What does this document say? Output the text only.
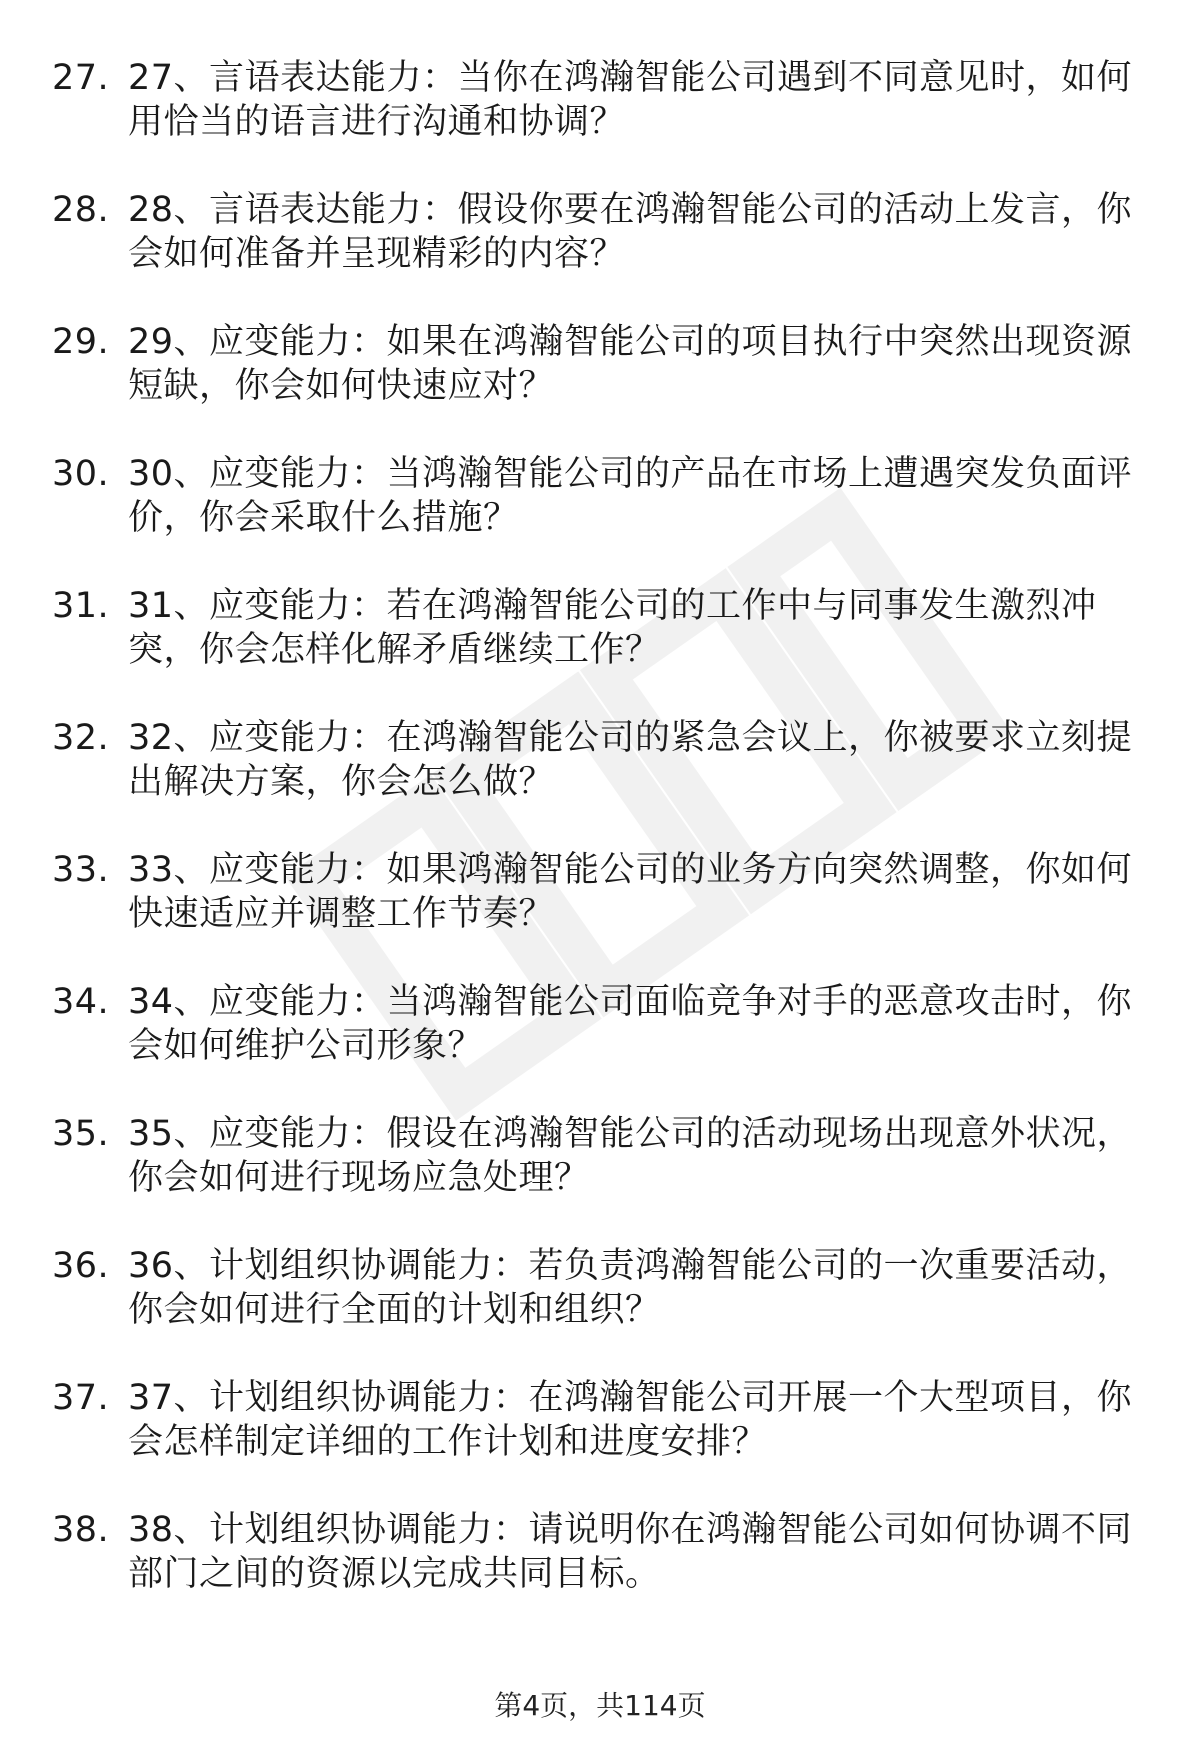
27. 27、言语表达能力：当你在鸿瀚智能公司遇到不同意见时，如何
用恰当的语言进行沟通和协调？
28. 28、言语表达能力：假设你要在鸿瀚智能公司的活动上发言，你
会如何准备并呈现精彩的内容？
29. 29、应变能力：如果在鸿瀚智能公司的项目执行中突然出现资源
短缺，你会如何快速应对？
30. 30、应变能力：当鸿瀚智能公司的产品在市场上遭遇突发负面评
价，你会采取什么措施？
31. 31、应变能力：若在鸿瀚智能公司的工作中与同事发生激烈冲
突，你会怎样化解矛盾继续工作？
32. 32、应变能力：在鸿瀚智能公司的紧急会议上，你被要求立刻提
出解决方案，你会怎么做？
33. 33、应变能力：如果鸿瀚智能公司的业务方向突然调整，你如何
快速适应并调整工作节奏？
34. 34、应变能力：当鸿瀚智能公司面临竞争对手的恶意攻击时，你
会如何维护公司形象？
35. 35、应变能力：假设在鸿瀚智能公司的活动现场出现意外状况，
你会如何进行现场应急处理？
36. 36、计划组织协调能力：若负责鸿瀚智能公司的一次重要活动，
你会如何进行全面的计划和组织？
37. 37、计划组织协调能力：在鸿瀚智能公司开展一个大型项目，你
会怎样制定详细的工作计划和进度安排？
38. 38、计划组织协调能力：请说明你在鸿瀚智能公司如何协调不同
部门之间的资源以完成共同目标。
第4页，共114页
